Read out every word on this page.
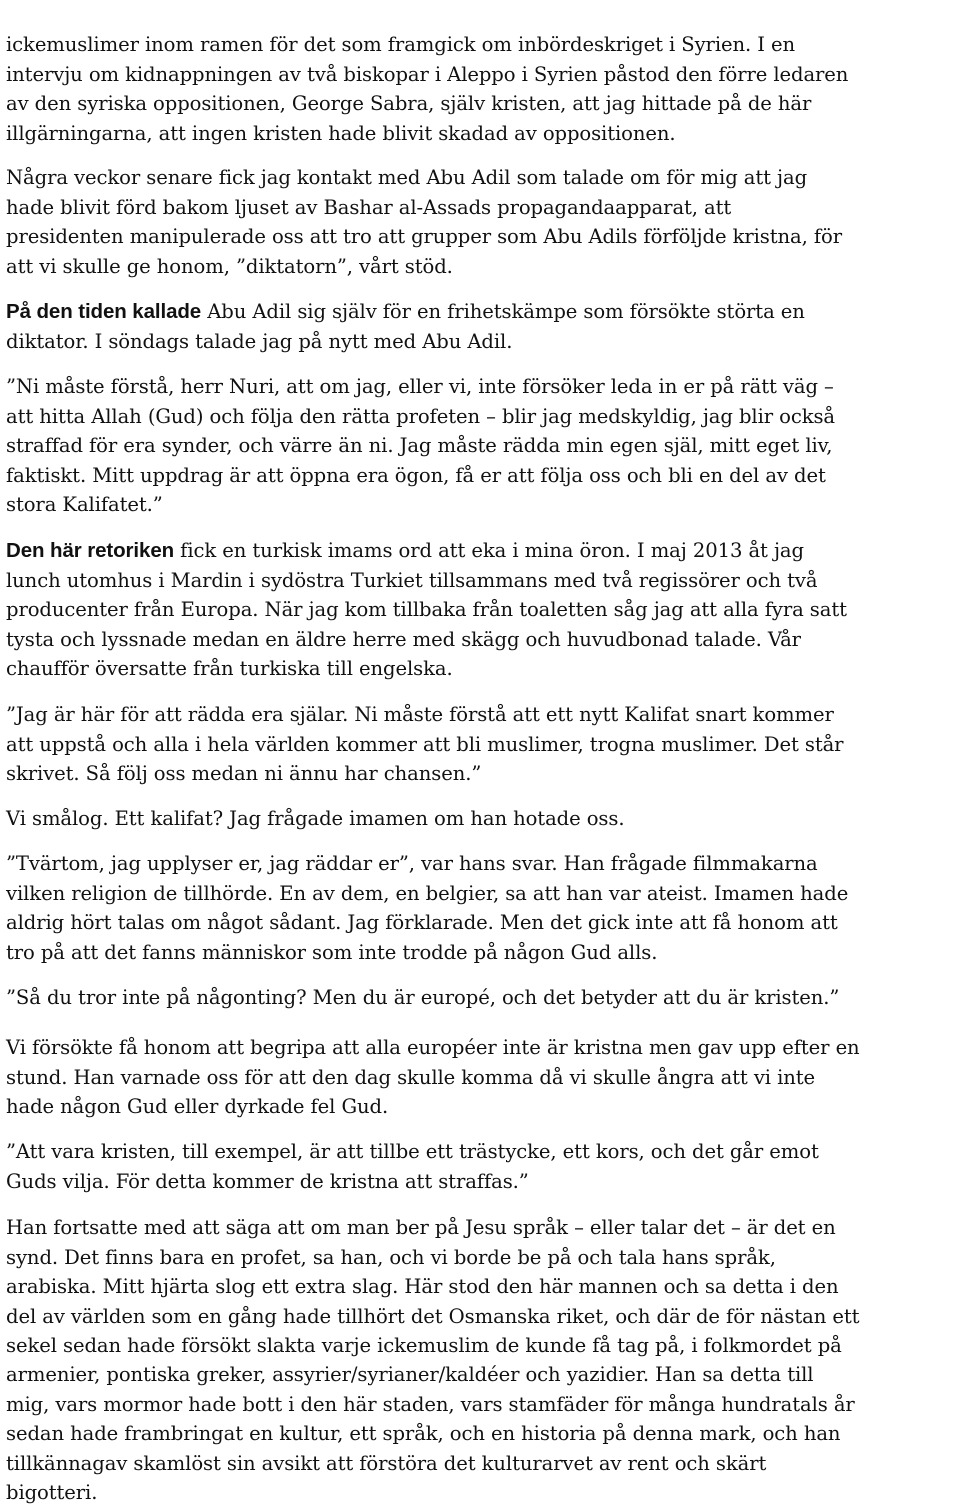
ickemuslimer inom ramen för det som framgick om inbördeskriget i Syrien. I en
intervju om kidnappningen av två biskopar i Aleppo i Syrien påstod den förre ledaren
av den syriska oppositionen, George Sabra, själv kristen, att jag hittade på de här
illgärningarna, att ingen kristen hade blivit skadad av oppositionen.

Några veckor senare fick jag kontakt med Abu Adil som talade om för mig att jag
hade blivit förd bakom ljuset av Bashar al-Assads propagandaapparat, att
presidenten manipulerade oss att tro att grupper som Abu Adils förföljde kristna, för
att vi skulle ge honom, ”diktatorn”, vårt stöd.

På den tiden kallade Abu Adil sig själv för en frihetskämpe som försökte störta en
diktator. I söndags talade jag på nytt med Abu Adil.

”Ni måste förstå, herr Nuri, att om jag, eller vi, inte försöker leda in er på rätt väg –
att hitta Allah (Gud) och följa den rätta profeten – blir jag medskyldig, jag blir också
straffad för era synder, och värre än ni. Jag måste rädda min egen själ, mitt eget liv,
faktiskt. Mitt uppdrag är att öppna era ögon, få er att följa oss och bli en del av det
stora Kalifatet.”

Den här retoriken fick en turkisk imams ord att eka i mina öron. I maj 2013 åt jag
lunch utomhus i Mardin i sydöstra Turkiet tillsammans med två regissörer och två
producenter från Europa. När jag kom tillbaka från toaletten såg jag att alla fyra satt
tysta och lyssnade medan en äldre herre med skägg och huvudbonad talade. Vår
chaufför översatte från turkiska till engelska.

”Jag är här för att rädda era själar. Ni måste förstå att ett nytt Kalifat snart kommer
att uppstå och alla i hela världen kommer att bli muslimer, trogna muslimer. Det står
skrivet. Så följ oss medan ni ännu har chansen.”

Vi smålog. Ett kalifat? Jag frågade imamen om han hotade oss.

”Tvärtom, jag upplyser er, jag räddar er”, var hans svar. Han frågade filmmakarna
vilken religion de tillhörde. En av dem, en belgier, sa att han var ateist. Imamen hade
aldrig hört talas om något sådant. Jag förklarade. Men det gick inte att få honom att
tro på att det fanns människor som inte trodde på någon Gud alls.

”Så du tror inte på någonting? Men du är europé, och det betyder att du är kristen.”

Vi försökte få honom att begripa att alla européer inte är kristna men gav upp efter en
stund. Han varnade oss för att den dag skulle komma då vi skulle ångra att vi inte
hade någon Gud eller dyrkade fel Gud.

”Att vara kristen, till exempel, är att tillbe ett trästycke, ett kors, och det går emot
Guds vilja. För detta kommer de kristna att straffas.”

Han fortsatte med att säga att om man ber på Jesu språk – eller talar det – är det en
synd. Det finns bara en profet, sa han, och vi borde be på och tala hans språk,
arabiska. Mitt hjärta slog ett extra slag. Här stod den här mannen och sa detta i den
del av världen som en gång hade tillhört det Osmanska riket, och där de för nästan ett
sekel sedan hade försökt slakta varje ickemuslim de kunde få tag på, i folkmordet på
armenier, pontiska greker, assyrier/syrianer/kaldéer och yazidier. Han sa detta till
mig, vars mormor hade bott i den här staden, vars stamfäder för många hundratals år
sedan hade frambringat en kultur, ett språk, och en historia på denna mark, och han
tillkännagav skamlöst sin avsikt att förstöra det kulturarvet av rent och skärt
bigotteri.
